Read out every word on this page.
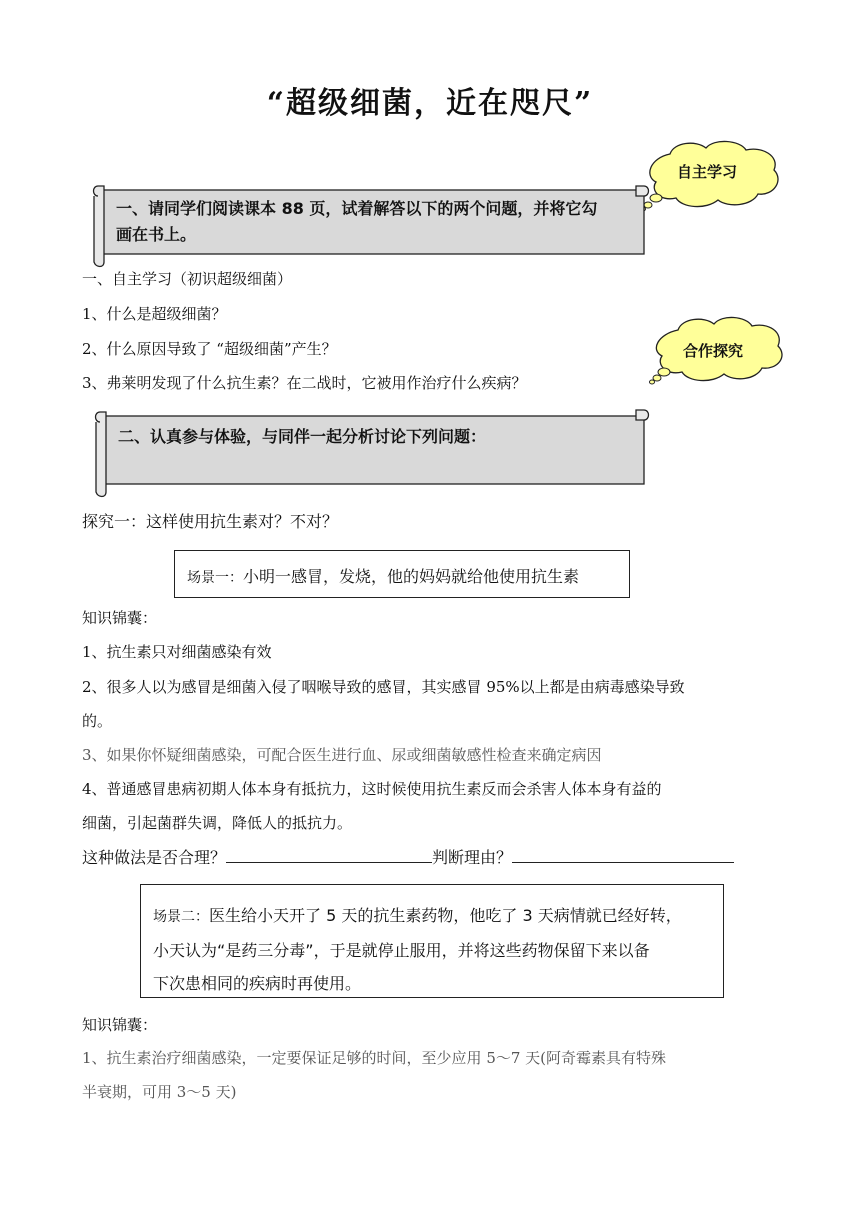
“超级细菌，近在咫尺”
自主学习
一、请同学们阅读课本 88 页，试着解答以下的两个问题，并将它勾
画在书上。
一、自主学习（初识超级细菌）
1、什么是超级细菌？
2、什么原因导致了 “超级细菌”产生？
3、弗莱明发现了什么抗生素？在二战时，它被用作治疗什么疾病？
合作探究
二、认真参与体验，与同伴一起分析讨论下列问题：
探究一：这样使用抗生素对？不对？
场景一：小明一感冒，发烧，他的妈妈就给他使用抗生素
知识锦囊：
1、抗生素只对细菌感染有效
2、很多人以为感冒是细菌入侵了咽喉导致的感冒，其实感冒 95%以上都是由病毒感染导致
的。
3、如果你怀疑细菌感染，可配合医生进行血、尿或细菌敏感性检查来确定病因
4、普通感冒患病初期人体本身有抵抗力，这时候使用抗生素反而会杀害人体本身有益的
细菌，引起菌群失调，降低人的抵抗力。
这种做法是否合理？	判断理由？
场景二：医生给小天开了 5 天的抗生素药物，他吃了 3 天病情就已经好转，
小天认为“是药三分毒”，于是就停止服用，并将这些药物保留下来以备
下次患相同的疾病时再使用。
知识锦囊：
1、抗生素治疗细菌感染，一定要保证足够的时间，至少应用 5～7 天(阿奇霉素具有特殊
半衰期，可用 3～5 天)
